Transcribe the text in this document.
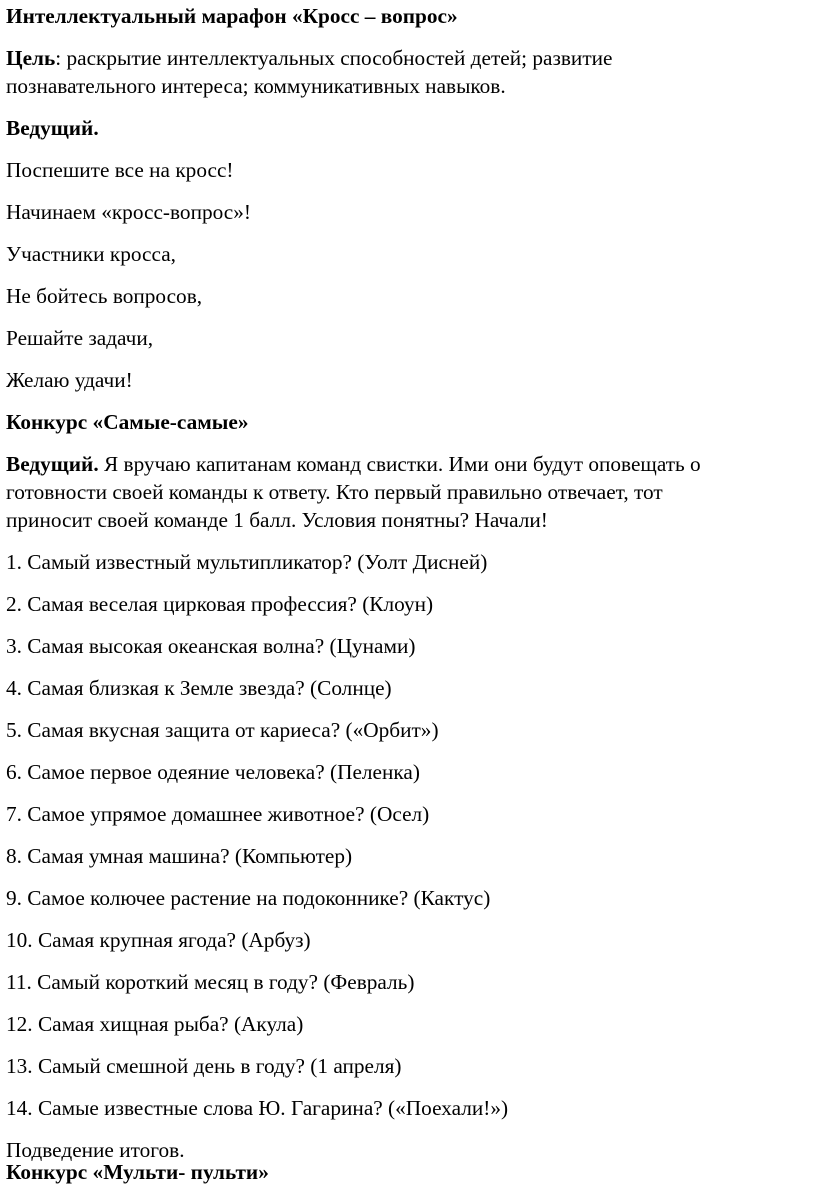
Интеллектуальный марафон «Кросс – вопрос»

Цель: раскрытие интеллектуальных способностей детей; развитие

познавательного интереса; коммуникативных навыков.

Ведущий.

Поспешите все на кросс!

Начинаем «кросс-вопрос»!

Участники кросса,

Не бойтесь вопросов,

Решайте задачи,

Желаю удачи!

Конкурс «Самые-самые»

Ведущий. Я вручаю капитанам команд свистки. Ими они будут оповещать о

готовности своей команды к ответу. Кто первый правильно отвечает, тот

приносит своей команде 1 балл. Условия понятны? Начали!

1. Самый известный мультипликатор? (Уолт Дисней)

2. Самая веселая цирковая профессия? (Клоун)

3. Самая высокая океанская волна? (Цунами)

4. Самая близкая к Земле звезда? (Солнце)

5. Самая вкусная защита от кариеса? («Орбит»)

6. Самое первое одеяние человека? (Пеленка)

7. Самое упрямое домашнее животное? (Осел)

8. Самая умная машина? (Компьютер)

9. Самое колючее растение на подоконнике? (Кактус)

10. Самая крупная ягода? (Арбуз)

11. Самый короткий месяц в году? (Февраль)

12. Самая хищная рыба? (Акула)

13. Самый смешной день в году? (1 апреля)

14. Самые известные слова Ю. Гагарина? («Поехали!»)

Подведение итогов.

Конкурс «Мульти- пульти»
